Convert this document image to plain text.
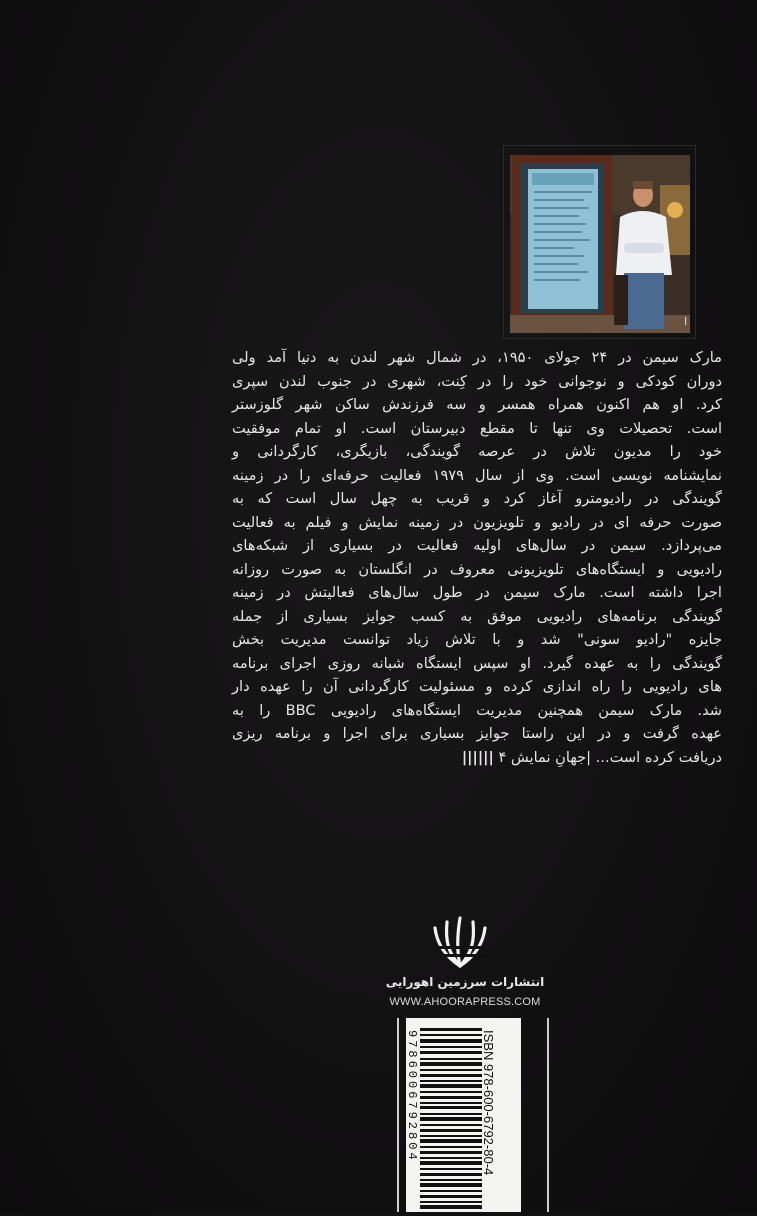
I
مارک سیمن در ۲۴ جولای ۱۹۵۰، در شمال شهر لندن به دنیا آمد ولی
دوران کودکی و نوجوانی خود را در کِنت، شهری در جنوب لندن سپری
کرد. او هم اکنون همراه همسر و سه فرزندش ساکن شهر گلوزستر
است. تحصیلات وی تنها تا مقطع دبیرستان است. او تمام موفقیت
خود را مدیون تلاش در عرصه گویندگی، بازیگری، کارگردانی و
نمایشنامه نویسی است. وی از سال ۱۹۷۹ فعالیت حرفه‌ای را در زمینه
گویندگی در رادیومترو آغاز کرد و قریب به چهل سال است که به
صورت حرفه ای در رادیو و تلویزیون در زمینه نمایش و فیلم به فعالیت
می‌پردازد. سیمن در سال‌های اولیه فعالیت در بسیاری از شبکه‌های
رادیویی و ایستگاه‌های تلویزیونی معروف در انگلستان به صورت روزانه
اجرا داشته است. مارک سیمن در طول سال‌های فعالیتش در زمینه
گویندگی برنامه‌های رادیویی موفق به کسب جوایز بسیاری از جمله
جایزه "رادیو سونی" شد و با تلاش زیاد توانست مدیریت بخش
گویندگی را به عهده گیرد. او سپس ایستگاه شبانه روزی اجرای برنامه
های رادیویی را راه اندازی کرده و مسئولیت کارگردانی آن را عهده دار
شد. مارک سیمن همچنین مدیریت ایستگاه‌های رادیویی BBC را به
عهده گرفت و در این راستا جوایز بسیاری برای اجرا و برنامه ریزی
دریافت کرده است... |جهانِ نمایش ۴ ||||||
انتشارات سرزمین اهورایی
WWW.AHOORAPRESS.COM
ISBN 978-600-6792-80-4
9786006792804
